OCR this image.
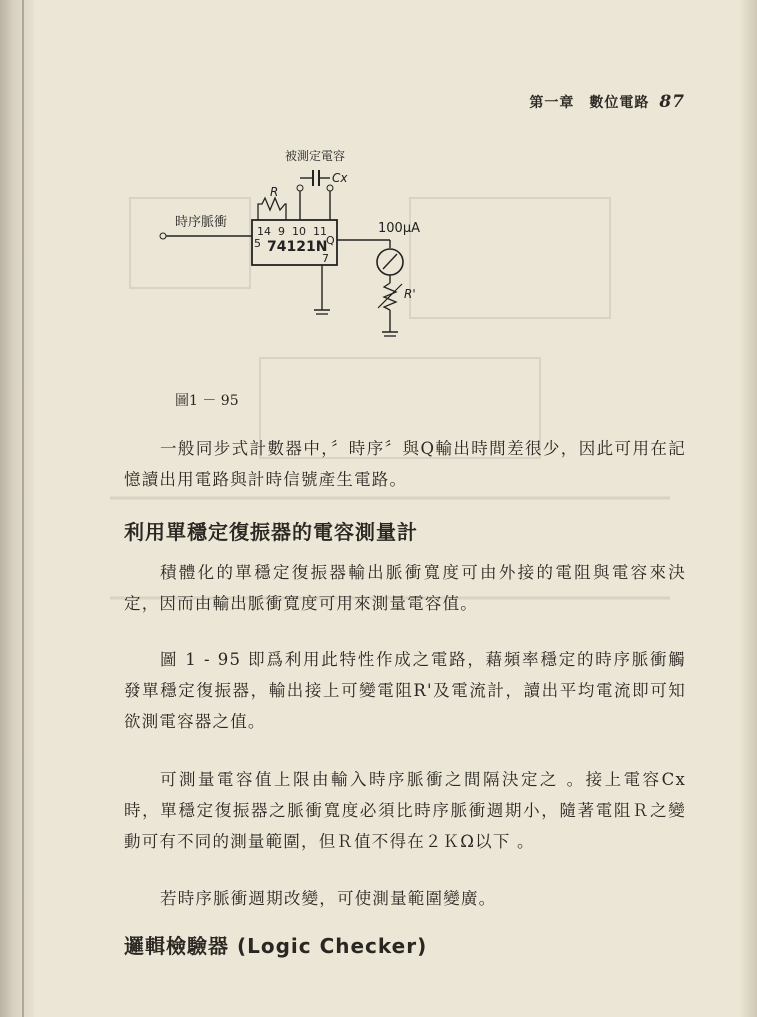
第一章　數位電路 87
被測定電容
Cx
R
14  9  10  11
5 74121N
Q
7
時序脈衝	100μA
R'
圖1 － 95

一般同步式計數器中，〞時序〞與Q輸出時間差很少，因此可用在記憶讀出用電路與計時信號產生電路。

利用單穩定復振器的電容測量計

積體化的單穩定復振器輸出脈衝寬度可由外接的電阻與電容來決定，因而由輸出脈衝寬度可用來測量電容值。

圖 1 - 95 即爲利用此特性作成之電路，藉頻率穩定的時序脈衝觸發單穩定復振器，輸出接上可變電阻R'及電流計，讀出平均電流即可知欲測電容器之值。

可測量電容值上限由輸入時序脈衝之間隔決定之 。接上電容Cx 時，單穩定復振器之脈衝寬度必須比時序脈衝週期小，隨著電阻Ｒ之變動可有不同的測量範圍，但Ｒ值不得在２ＫΩ以下 。

若時序脈衝週期改變，可使測量範圍變廣。

邏輯檢驗器 (Logic Checker)
